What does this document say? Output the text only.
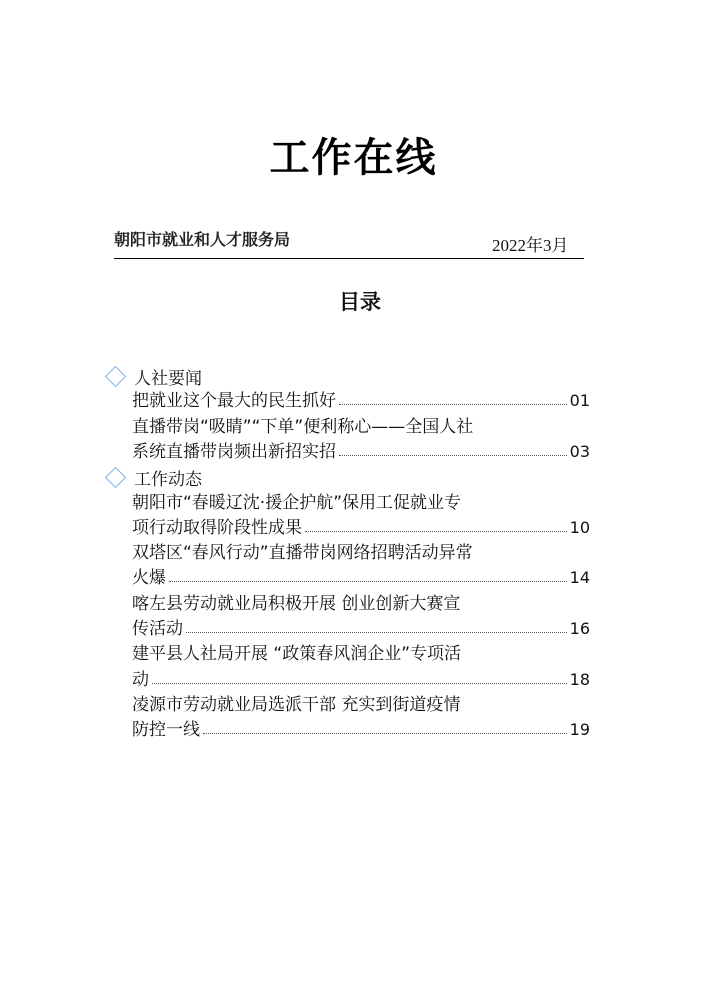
工作在线
朝阳市就业和人才服务局	2022年3月
目录
人社要闻
把就业这个最大的民生抓好	01
直播带岗“吸睛”“下单”便利称心——全国人社
系统直播带岗频出新招实招	03
工作动态
朝阳市“春暖辽沈·援企护航”保用工促就业专
项行动取得阶段性成果	10
双塔区“春风行动”直播带岗网络招聘活动异常
火爆	14
喀左县劳动就业局积极开展 创业创新大赛宣
传活动	16
建平县人社局开展 “政策春风润企业”专项活
动	18
凌源市劳动就业局选派干部 充实到街道疫情
防控一线	19
